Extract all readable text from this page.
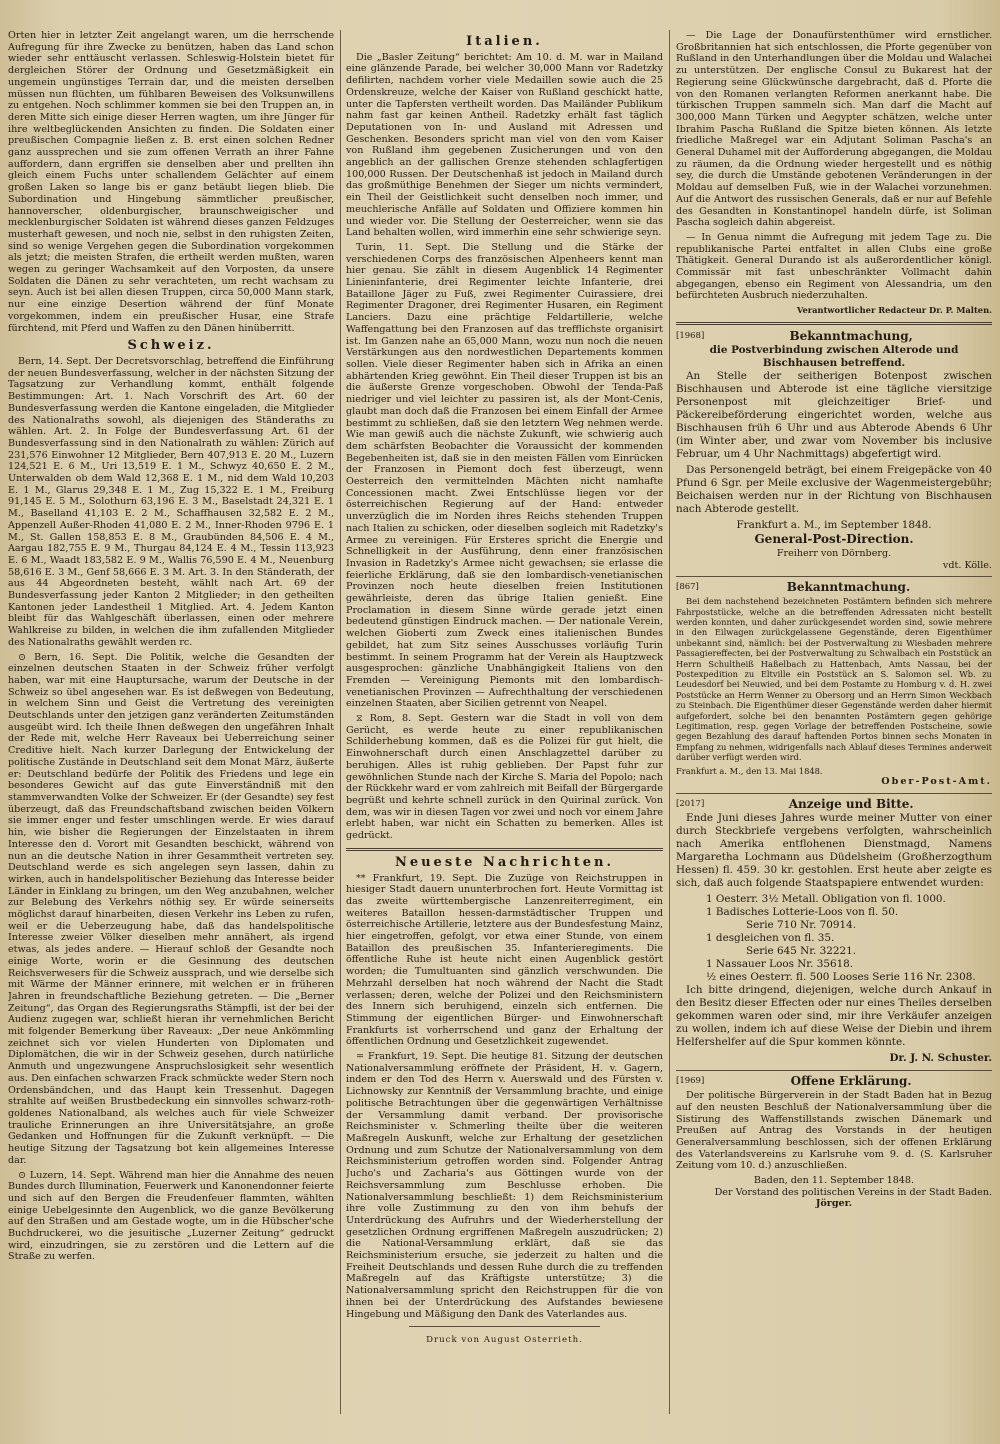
Orten hier in letzter Zeit angelangt waren, um die herrschende Aufregung für ihre Zwecke zu benützen, haben das Land schon wieder sehr enttäuscht verlassen. Schleswig-Holstein bietet für dergleichen Störer der Ordnung und Gesetzmäßigkeit ein ungemein ungünstiges Terrain dar, und die meisten derselben müssen nun flüchten, um fühlbaren Beweisen des Volksunwillens zu entgehen. Noch schlimmer kommen sie bei den Truppen an, in deren Mitte sich einige dieser Herren wagten, um ihre Jünger für ihre weltbeglückenden Ansichten zu finden. Die Soldaten einer preußischen Compagnie ließen z. B. erst einen solchen Redner ganz aussprechen und sie zum offenen Verrath an ihrer Fahne auffordern, dann ergriffen sie denselben aber und prellten ihn gleich einem Fuchs unter schallendem Gelächter auf einem großen Laken so lange bis er ganz betäubt liegen blieb. Die Subordination und Hingebung sämmtlicher preußischer, hannoverscher, oldenburgischer, braunschweigischer und mecklenburgischer Soldaten ist während dieses ganzen Feldzuges musterhaft gewesen, und noch nie, selbst in den ruhigsten Zeiten, sind so wenige Vergehen gegen die Subordination vorgekommen als jetzt; die meisten Strafen, die ertheilt werden mußten, waren wegen zu geringer Wachsamkeit auf den Vorposten, da unsere Soldaten die Dänen zu sehr verachteten, um recht wachsam zu seyn. Auch ist bei allen diesen Truppen, circa 50,000 Mann stark, nur eine einzige Desertion während der fünf Monate vorgekommen, indem ein preußischer Husar, eine Strafe fürchtend, mit Pferd und Waffen zu den Dänen hinüberritt.

Schweiz.

Bern, 14. Sept. Der Decretsvorschlag, betreffend die Einführung der neuen Bundesverfassung, welcher in der nächsten Sitzung der Tagsatzung zur Verhandlung kommt, enthält folgende Bestimmungen: Art. 1. Nach Vorschrift des Art. 60 der Bundesverfassung werden die Kantone eingeladen, die Mitglieder des Nationalraths sowohl, als diejenigen des Ständeraths zu wählen. Art. 2. In Folge der Bundesverfassung Art. 61 der Bundesverfassung sind in den Nationalrath zu wählen: Zürich auf 231,576 Einwohner 12 Mitglieder, Bern 407,913 E. 20 M., Luzern 124,521 E. 6 M., Uri 13,519 E. 1 M., Schwyz 40,650 E. 2 M., Unterwalden ob dem Wald 12,368 E. 1 M., nid dem Wald 10,203 E. 1 M., Glarus 29,348 E. 1 M., Zug 15,322 E. 1 M., Freiburg 91,145 E. 5 M., Solothurn 63,196 E. 3 M., Baselstadt 24,321 E. 1 M., Baselland 41,103 E. 2 M., Schaffhausen 32,582 E. 2 M., Appenzell Außer-Rhoden 41,080 E. 2 M., Inner-Rhoden 9796 E. 1 M., St. Gallen 158,853 E. 8 M., Graubünden 84,506 E. 4 M., Aargau 182,755 E. 9 M., Thurgau 84,124 E. 4 M., Tessin 113,923 E. 6 M., Waadt 183,582 E. 9 M., Wallis 76,590 E. 4 M., Neuenburg 58,616 E. 3 M., Genf 58,666 E. 3 M. Art. 3. In den Ständerath, der aus 44 Abgeordneten besteht, wählt nach Art. 69 der Bundesverfassung jeder Kanton 2 Mitglieder; in den getheilten Kantonen jeder Landestheil 1 Mitglied. Art. 4. Jedem Kanton bleibt für das Wahlgeschäft überlassen, einen oder mehrere Wahlkreise zu bilden, in welchen die ihm zufallenden Mitglieder des Nationalraths gewählt werden rc.

⊙ Bern, 16. Sept. Die Politik, welche die Gesandten der einzelnen deutschen Staaten in der Schweiz früher verfolgt haben, war mit eine Hauptursache, warum der Deutsche in der Schweiz so übel angesehen war. Es ist deßwegen von Bedeutung, in welchem Sinn und Geist die Vertretung des vereinigten Deutschlands unter den jetzigen ganz veränderten Zeitumständen ausgeübt wird. Ich theile Ihnen deßwegen den ungefähren Inhalt der Rede mit, welche Herr Raveaux bei Ueberreichung seiner Creditive hielt. Nach kurzer Darlegung der Entwickelung der politische Zustände in Deutschland seit dem Monat März, äußerte er: Deutschland bedürfe der Politik des Friedens und lege ein besonderes Gewicht auf das gute Einverständniß mit den stammverwandten Volke der Schweizer. Er (der Gesandte) sey fest überzeugt, daß das Freundschaftsband zwischen beiden Völkern sie immer enger und fester umschlingen werde. Er wies darauf hin, wie bisher die Regierungen der Einzelstaaten in ihrem Interesse den d. Vorort mit Gesandten beschickt, während von nun an die deutsche Nation in ihrer Gesammtheit vertreten sey. Deutschland werde es sich angelegen seyn lassen, dahin zu wirken, auch in handelspolitischer Beziehung das Interesse beider Länder in Einklang zu bringen, um den Weg anzubahnen, welcher zur Belebung des Verkehrs nöthig sey. Er würde seinerseits möglichst darauf hinarbeiten, diesen Verkehr ins Leben zu rufen, weil er die Ueberzeugung habe, daß das handelspolitische Interesse zweier Völker dieselben mehr annähert, als irgend etwas, als jedes andere. — Hierauf schloß der Gesandte noch einige Worte, worin er die Gesinnung des deutschen Reichsverwesers für die Schweiz aussprach, und wie derselbe sich mit Wärme der Männer erinnere, mit welchen er in früheren Jahren in freundschaftliche Beziehung getreten. — Die „Berner Zeitung“, das Organ des Regierungsraths Stämpfli, ist der bei der Audienz zugegen war, schließt hieran ihr vernehmlichen Bericht mit folgender Bemerkung über Raveaux: „Der neue Ankömmling zeichnet sich vor vielen Hunderten von Diplomaten und Diplomätchen, die wir in der Schweiz gesehen, durch natürliche Anmuth und ungezwungene Anspruchslosigkeit sehr wesentlich aus. Den einfachen schwarzen Frack schmückte weder Stern noch Ordensbändchen, und das Haupt kein Tressenhut. Dagegen strahlte auf weißen Brustbedeckung ein sinnvolles schwarz-roth-goldenes Nationalband, als welches auch für viele Schweizer trauliche Erinnerungen an ihre Universitätsjahre, an große Gedanken und Hoffnungen für die Zukunft verknüpft. — Die heutige Sitzung der Tagsatzung bot kein allgemeines Interesse dar.

⊙ Luzern, 14. Sept. Während man hier die Annahme des neuen Bundes durch Illumination, Feuerwerk und Kanonendonner feierte und sich auf den Bergen die Freudenfeuer flammten, wählten einige Uebelgesinnte den Augenblick, wo die ganze Bevölkerung auf den Straßen und am Gestade wogte, um in die Hübscher'sche Buchdruckerei, wo die jesuitische „Luzerner Zeitung“ gedruckt wird, einzudringen, sie zu zerstören und die Lettern auf die Straße zu werfen.

Italien.

Die „Basler Zeitung“ berichtet: Am 10. d. M. war in Mailand eine glänzende Parade, bei welcher 30,000 Mann vor Radetzky defilirten, nachdem vorher viele Medaillen sowie auch die 25 Ordenskreuze, welche der Kaiser von Rußland geschickt hatte, unter die Tapfersten vertheilt worden. Das Mailänder Publikum nahm fast gar keinen Antheil. Radetzky erhält fast täglich Deputationen von In- und Ausland mit Adressen und Geschenken. Besonders spricht man viel von den vom Kaiser von Rußland ihm gegebenen Zusicherungen und von den angeblich an der gallischen Grenze stehenden schlagfertigen 100,000 Russen. Der Deutschenhaß ist jedoch in Mailand durch das großmüthige Benehmen der Sieger um nichts vermindert, ein Theil der Geistlichkeit sucht denselben noch immer, und meuchlerische Anfälle auf Soldaten und Offiziere kommen hin und wieder vor. Die Stellung der Oesterreicher, wenn sie das Land behalten wollen, wird immerhin eine sehr schwierige seyn.

Turin, 11. Sept. Die Stellung und die Stärke der verschiedenen Corps des französischen Alpenheers kennt man hier genau. Sie zählt in diesem Augenblick 14 Regimenter Linieninfanterie, drei Regimenter leichte Infanterie, drei Bataillone Jäger zu Fuß, zwei Regimenter Cuirassiere, drei Regimenter Dragoner, drei Regimenter Husaren, ein Regiment Lanciers. Dazu eine prächtige Feldartillerie, welche Waffengattung bei den Franzosen auf das trefflichste organisirt ist. Im Ganzen nahe an 65,000 Mann, wozu nun noch die neuen Verstärkungen aus den nordwestlichen Departements kommen sollen. Viele dieser Regimenter haben sich in Afrika an einen abhärtenden Krieg gewöhnt. Ein Theil dieser Truppen ist bis an die äußerste Grenze vorgeschoben. Obwohl der Tenda-Paß niedriger und viel leichter zu passiren ist, als der Mont-Cenis, glaubt man doch daß die Franzosen bei einem Einfall der Armee bestimmt zu schließen, daß sie den letztern Weg nehmen werde. Wie man gewiß auch die nächste Zukunft, wie schwierig auch dem schärfsten Beobachter die Voraussicht der kommenden Begebenheiten ist, daß sie in den meisten Fällen vom Einrücken der Franzosen in Piemont doch fest überzeugt, wenn Oesterreich den vermittelnden Mächten nicht namhafte Concessionen macht. Zwei Entschlüsse liegen vor der österreichischen Regierung auf der Hand: entweder unverzüglich die im Norden ihres Reichs stehenden Truppen nach Italien zu schicken, oder dieselben sogleich mit Radetzky's Armee zu vereinigen. Für Ersteres spricht die Energie und Schnelligkeit in der Ausführung, denn einer französischen Invasion in Radetzky's Armee nicht gewachsen; sie erlasse die feierliche Erklärung, daß sie den lombardisch-venetianischen Provinzen noch heute dieselben freien Institutionen gewährleiste, deren das übrige Italien genießt. Eine Proclamation in diesem Sinne würde gerade jetzt einen bedeutend günstigen Eindruck machen. — Der nationale Verein, welchen Gioberti zum Zweck eines italienischen Bundes gebildet, hat zum Sitz seines Ausschusses vorläufig Turin bestimmt. In seinem Programm hat der Verein als Hauptzweck ausgesprochen: gänzliche Unabhängigkeit Italiens von den Fremden — Vereinigung Piemonts mit den lombardisch-venetianischen Provinzen — Aufrechthaltung der verschiedenen einzelnen Staaten, aber Sicilien getrennt von Neapel.

⧖ Rom, 8. Sept. Gestern war die Stadt in voll von dem Gerücht, es werde heute zu einer republikanischen Schilderhebung kommen, daß es die Polizei für gut hielt, die Einwohnerschaft durch einen Anschlagzettel darüber zu beruhigen. Alles ist ruhig geblieben. Der Papst fuhr zur gewöhnlichen Stunde nach der Kirche S. Maria del Popolo; nach der Rückkehr ward er vom zahlreich mit Beifall der Bürgergarde begrüßt und kehrte schnell zurück in den Quirinal zurück. Von dem, was wir in diesen Tagen vor zwei und noch vor einem Jahre erlebt haben, war nicht ein Schatten zu bemerken. Alles ist gedrückt.

Neueste Nachrichten.

** Frankfurt, 19. Sept. Die Zuzüge von Reichstruppen in hiesiger Stadt dauern ununterbrochen fort. Heute Vormittag ist das zweite württembergische Lanzenreiterregiment, ein weiteres Bataillon hessen-darmstädtischer Truppen und österreichische Artillerie, letztere aus der Bundesfestung Mainz, hier eingetroffen, gefolgt, vor etwa einer Stunde, von einem Bataillon des preußischen 35. Infanterieregiments. Die öffentliche Ruhe ist heute nicht einen Augenblick gestört worden; die Tumultuanten sind gänzlich verschwunden. Die Mehrzahl derselben hat noch während der Nacht die Stadt verlassen; deren, welche der Polizei und den Reichsministern des Innern sich beruhigend, einzeln sich entfernen. Die Stimmung der eigentlichen Bürger- und Einwohnerschaft Frankfurts ist vorherrschend und ganz der Erhaltung der öffentlichen Ordnung und Gesetzlichkeit zugewendet.

= Frankfurt, 19. Sept. Die heutige 81. Sitzung der deutschen Nationalversammlung eröffnete der Präsident, H. v. Gagern, indem er den Tod des Herrn v. Auerswald und des Fürsten v. Lichnowsky zur Kenntniß der Versammlung brachte, und einige politische Betrachtungen über die gegenwärtigen Verhältnisse der Versammlung damit verband. Der provisorische Reichsminister v. Schmerling theilte über die weiteren Maßregeln Auskunft, welche zur Erhaltung der gesetzlichen Ordnung und zum Schutze der Nationalversammlung von dem Reichsministerium getroffen worden sind. Folgender Antrag Jucho's und Zacharia's aus Göttingen wurde von der Reichsversammlung zum Beschlusse erhoben. Die Nationalversammlung beschließt: 1) dem Reichsministerium ihre volle Zustimmung zu den von ihm behufs der Unterdrückung des Aufruhrs und der Wiederherstellung der gesetzlichen Ordnung ergriffenen Maßregeln auszudrücken; 2) die National-Versammlung erklärt, daß sie das Reichsministerium ersuche, sie jederzeit zu halten und die Freiheit Deutschlands und dessen Ruhe durch die zu treffenden Maßregeln auf das Kräftigste unterstütze; 3) die Nationalversammlung spricht den Reichstruppen für die von ihnen bei der Unterdrückung des Aufstandes bewiesene Hingebung und Mäßigung den Dank des Vaterlandes aus.

Druck von August Osterrieth.

— Die Lage der Donaufürstenthümer wird ernstlicher. Großbritannien hat sich entschlossen, die Pforte gegenüber von Rußland in den Unterhandlungen über die Moldau und Walachei zu unterstützen. Der englische Consul zu Bukarest hat der Regierung seine Glückwünsche dargebracht, daß d. Pforte die von den Romanen verlangten Reformen anerkannt habe. Die türkischen Truppen sammeln sich. Man darf die Macht auf 300,000 Mann Türken und Aegypter schätzen, welche unter Ibrahim Pascha Rußland die Spitze bieten können. Als letzte friedliche Maßregel war ein Adjutant Soliman Pascha's an General Duhamel mit der Aufforderung abgegangen, die Moldau zu räumen, da die Ordnung wieder hergestellt und es nöthig sey, die durch die Umstände gebotenen Veränderungen in der Moldau auf demselben Fuß, wie in der Walachei vorzunehmen. Auf die Antwort des russischen Generals, daß er nur auf Befehle des Gesandten in Konstantinopel handeln dürfe, ist Soliman Pascha sogleich dahin abgereist.

— In Genua nimmt die Aufregung mit jedem Tage zu. Die republikanische Partei entfaltet in allen Clubs eine große Thätigkeit. General Durando ist als außerordentlicher königl. Commissär mit fast unbeschränkter Vollmacht dahin abgegangen, ebenso ein Regiment von Alessandria, um den befürchteten Ausbruch niederzuhalten.

Verantwortlicher Redacteur Dr. P. Malten.
[1968]	Bekanntmachung,
die Postverbindung zwischen Alterode und Bischhausen betreffend.

An Stelle der seitherigen Botenpost zwischen Bischhausen und Abterode ist eine tägliche viersitzige Personenpost mit gleichzeitiger Brief- und Päckereibeförderung eingerichtet worden, welche aus Bischhausen früh 6 Uhr und aus Abterode Abends 6 Uhr (im Winter aber, und zwar vom November bis inclusive Februar, um 4 Uhr Nachmittags) abgefertigt wird.

Das Personengeld beträgt, bei einem Freigepäcke von 40 Pfund 6 Sgr. per Meile exclusive der Wagenmeistergebühr; Beichaisen werden nur in der Richtung von Bischhausen nach Abterode gestellt.

Frankfurt a. M., im September 1848.
General-Post-Direction.
Freiherr von Dörnberg.
vdt. Kölle.
[867]	Bekanntmachung.

Bei dem nachstehend bezeichneten Postämtern befinden sich mehrere Fahrpoststücke, welche an die betreffenden Adressaten nicht bestellt werden konnten, und daher zurückgesendet worden sind, sowie mehrere in den Eilwagen zurückgelassene Gegenstände, deren Eigenthümer unbekannt sind, nämlich: bei der Postverwaltung zu Wiesbaden mehrere Passagiereffecten, bei der Postverwaltung zu Schwalbach ein Poststück an Herrn Schultheiß Haßelbach zu Hattenbach, Amts Nassau, bei der Postexpedition zu Eltville ein Poststück an S. Salomon sel. Wb. zu Leudesdorf bei Neuwied, und bei dem Postamte zu Homburg v. d. H. zwei Poststücke an Herrn Wenner zu Obersorg und an Herrn Simon Weckbach zu Steinbach. Die Eigenthümer dieser Gegenstände werden daher hiermit aufgefordert, solche bei den benannten Postämtern gegen gehörige Legitimation, resp. gegen Vorlage der betreffenden Postscheine, sowie gegen Bezahlung des darauf haftenden Portos binnen sechs Monaten in Empfang zu nehmen, widrigenfalls nach Ablauf dieses Termines anderweit darüber verfügt werden wird.

Frankfurt a. M., den 13. Mai 1848.
Ober-Post-Amt.
[2017]	Anzeige und Bitte.

Ende Juni dieses Jahres wurde meiner Mutter von einer durch Steckbriefe vergebens verfolgten, wahrscheinlich nach Amerika entflohenen Dienstmagd, Namens Margaretha Lochmann aus Düdelsheim (Großherzogthum Hessen) fl. 459. 30 kr. gestohlen. Erst heute aber zeigte es sich, daß auch folgende Staatspapiere entwendet wurden:

1 Oesterr. 3½ Metall. Obligation von fl. 1000.
1 Badisches Lotterie-Loos von fl. 50.
Serie 710 Nr. 70914.
1 desgleichen von fl. 35.
Serie 645 Nr. 32221.
1 Nassauer Loos Nr. 35618.
½ eines Oesterr. fl. 500 Looses Serie 116 Nr. 2308.

Ich bitte dringend, diejenigen, welche durch Ankauf in den Besitz dieser Effecten oder nur eines Theiles derselben gekommen waren oder sind, mir ihre Verkäufer anzeigen zu wollen, indem ich auf diese Weise der Diebin und ihrem Helfershelfer auf die Spur kommen könnte.

Dr. J. N. Schuster.
[1969]	Offene Erklärung.

Der politische Bürgerverein in der Stadt Baden hat in Bezug auf den neusten Beschluß der Nationalversammlung über die Sistirung des Waffenstillstands zwischen Dänemark und Preußen auf Antrag des Vorstands in der heutigen Generalversammlung beschlossen, sich der offenen Erklärung des Vaterlandsvereins zu Karlsruhe vom 9. d. (S. Karlsruher Zeitung vom 10. d.) anzuschließen.

Baden, den 11. September 1848.
Der Vorstand des politischen Vereins in der Stadt Baden.
Jörger.
